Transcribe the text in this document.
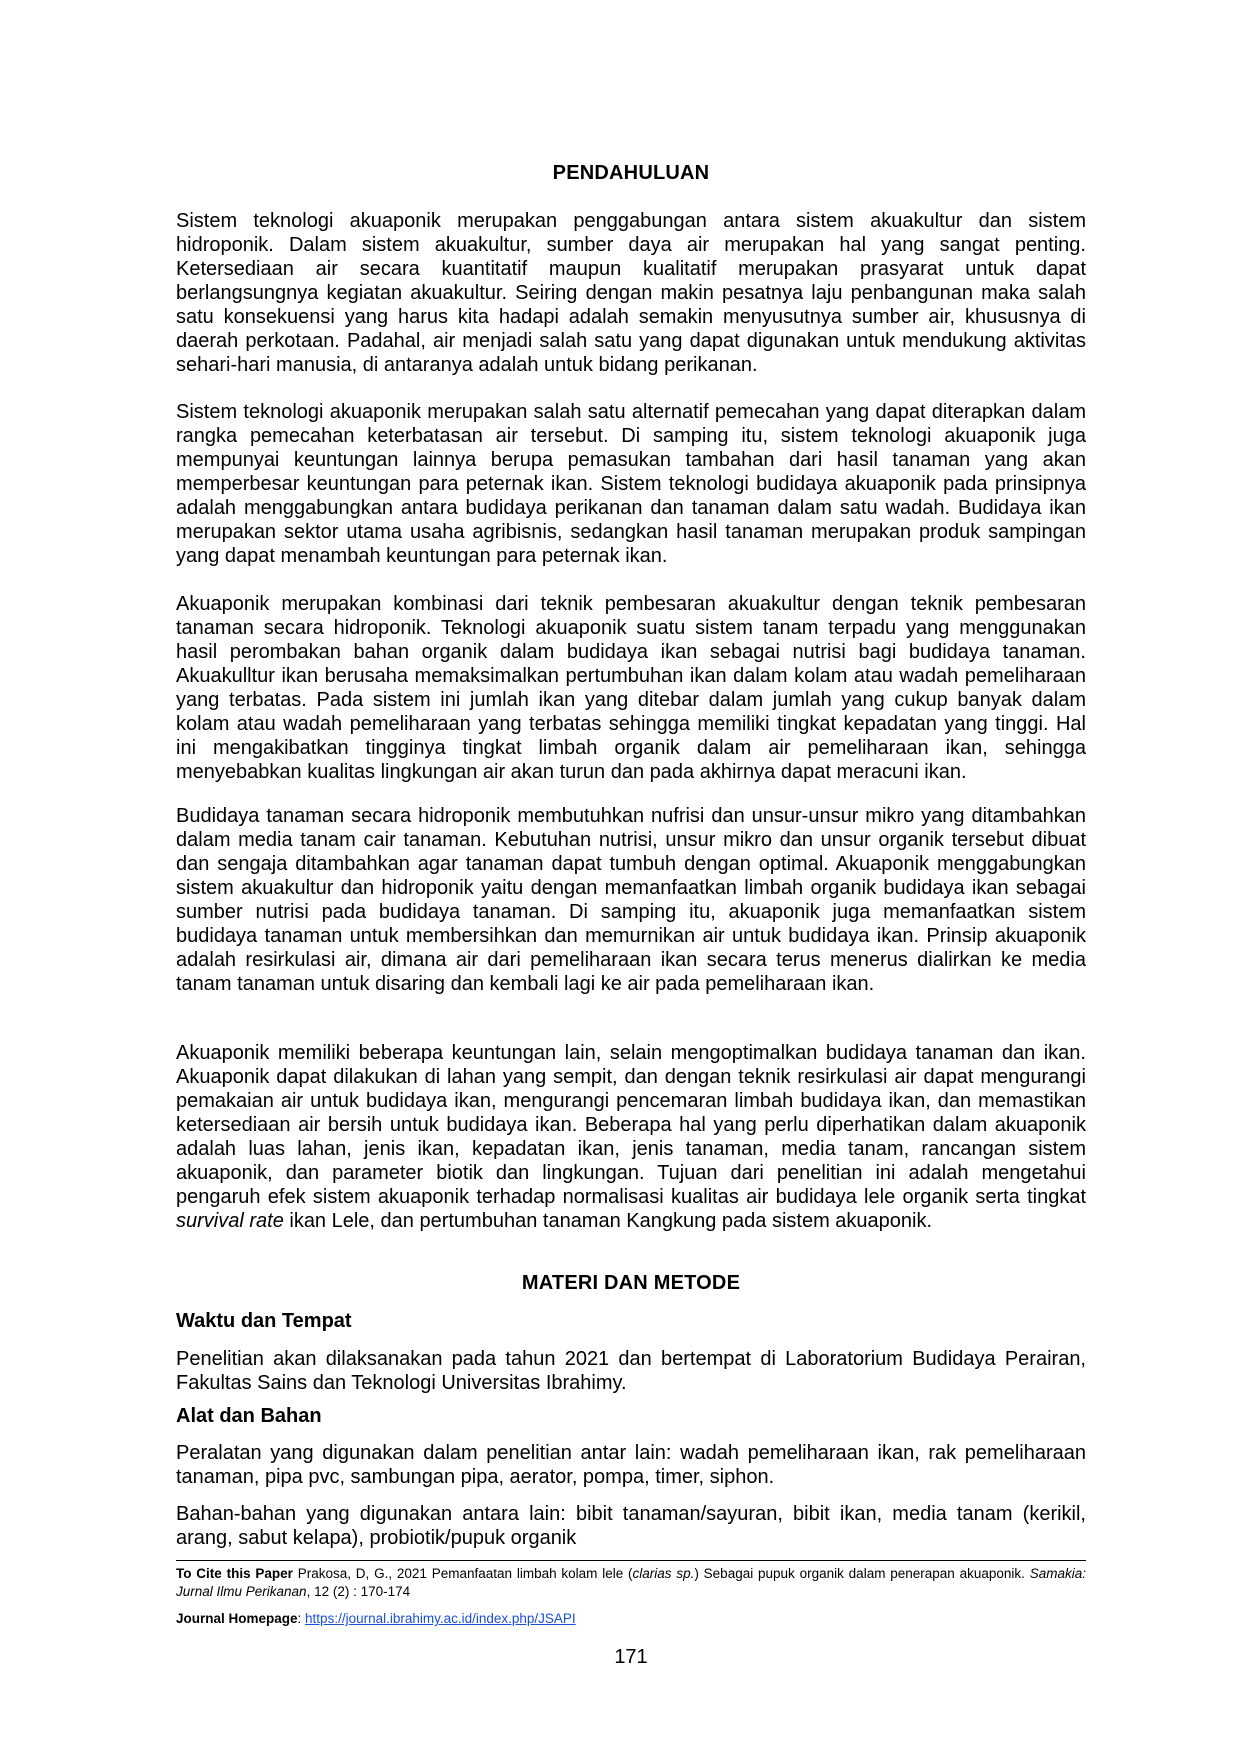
PENDAHULUAN

Sistem teknologi akuaponik merupakan penggabungan antara sistem akuakultur dan sistem hidroponik. Dalam sistem akuakultur, sumber daya air merupakan hal yang sangat penting. Ketersediaan air secara kuantitatif maupun kualitatif merupakan prasyarat untuk dapat berlangsungnya kegiatan akuakultur. Seiring dengan makin pesatnya laju penbangunan maka salah satu konsekuensi yang harus kita hadapi adalah semakin menyusutnya sumber air, khususnya di daerah perkotaan. Padahal, air menjadi salah satu yang dapat digunakan untuk mendukung aktivitas sehari-hari manusia, di antaranya adalah untuk bidang perikanan.

Sistem teknologi akuaponik merupakan salah satu alternatif pemecahan yang dapat diterapkan dalam rangka pemecahan keterbatasan air tersebut. Di samping itu, sistem teknologi akuaponik juga mempunyai keuntungan lainnya berupa pemasukan tambahan dari hasil tanaman yang akan memperbesar keuntungan para peternak ikan. Sistem teknologi budidaya akuaponik pada prinsipnya adalah menggabungkan antara budidaya perikanan dan tanaman dalam satu wadah. Budidaya ikan merupakan sektor utama usaha agribisnis, sedangkan hasil tanaman merupakan produk sampingan yang dapat menambah keuntungan para peternak ikan.

Akuaponik merupakan kombinasi dari teknik pembesaran akuakultur dengan teknik pembesaran tanaman secara hidroponik. Teknologi akuaponik suatu sistem tanam terpadu yang menggunakan hasil perombakan bahan organik dalam budidaya ikan sebagai nutrisi bagi budidaya tanaman. Akuakulltur ikan berusaha memaksimalkan pertumbuhan ikan dalam kolam atau wadah pemeliharaan yang terbatas. Pada sistem ini jumlah ikan yang ditebar dalam jumlah yang cukup banyak dalam kolam atau wadah pemeliharaan yang terbatas sehingga memiliki tingkat kepadatan yang tinggi. Hal ini mengakibatkan tingginya tingkat limbah organik dalam air pemeliharaan ikan, sehingga menyebabkan kualitas lingkungan air akan turun dan pada akhirnya dapat meracuni ikan.

Budidaya tanaman secara hidroponik membutuhkan nufrisi dan unsur-unsur mikro yang ditambahkan dalam media tanam cair tanaman. Kebutuhan nutrisi, unsur mikro dan unsur organik tersebut dibuat dan sengaja ditambahkan agar tanaman dapat tumbuh dengan optimal. Akuaponik menggabungkan sistem akuakultur dan hidroponik yaitu dengan memanfaatkan limbah organik budidaya ikan sebagai sumber nutrisi pada budidaya tanaman. Di samping itu, akuaponik juga memanfaatkan sistem budidaya tanaman untuk membersihkan dan memurnikan air untuk budidaya ikan. Prinsip akuaponik adalah resirkulasi air, dimana air dari pemeliharaan ikan secara terus menerus dialirkan ke media tanam tanaman untuk disaring dan kembali lagi ke air pada pemeliharaan ikan.

Akuaponik memiliki beberapa keuntungan lain, selain mengoptimalkan budidaya tanaman dan ikan. Akuaponik dapat dilakukan di lahan yang sempit, dan dengan teknik resirkulasi air dapat mengurangi pemakaian air untuk budidaya ikan, mengurangi pencemaran limbah budidaya ikan, dan memastikan ketersediaan air bersih untuk budidaya ikan. Beberapa hal yang perlu diperhatikan dalam akuaponik adalah luas lahan, jenis ikan, kepadatan ikan, jenis tanaman, media tanam, rancangan sistem akuaponik, dan parameter biotik dan lingkungan. Tujuan dari penelitian ini adalah mengetahui pengaruh efek sistem akuaponik terhadap normalisasi kualitas air budidaya lele organik serta tingkat survival rate ikan Lele, dan pertumbuhan tanaman Kangkung pada sistem akuaponik.

MATERI DAN METODE

Waktu dan Tempat

Penelitian akan dilaksanakan pada tahun 2021 dan bertempat di Laboratorium Budidaya Perairan, Fakultas Sains dan Teknologi Universitas Ibrahimy.

Alat dan Bahan

Peralatan yang digunakan dalam penelitian antar lain: wadah pemeliharaan ikan, rak pemeliharaan tanaman, pipa pvc, sambungan pipa, aerator, pompa, timer, siphon.

Bahan-bahan yang digunakan antara lain: bibit tanaman/sayuran, bibit ikan, media tanam (kerikil, arang, sabut kelapa), probiotik/pupuk organik

To Cite this Paper Prakosa, D, G., 2021 Pemanfaatan limbah kolam lele (clarias sp.) Sebagai pupuk organik dalam penerapan akuaponik. Samakia: Jurnal Ilmu Perikanan, 12 (2) : 170-174

Journal Homepage: https://journal.ibrahimy.ac.id/index.php/JSAPI

171
